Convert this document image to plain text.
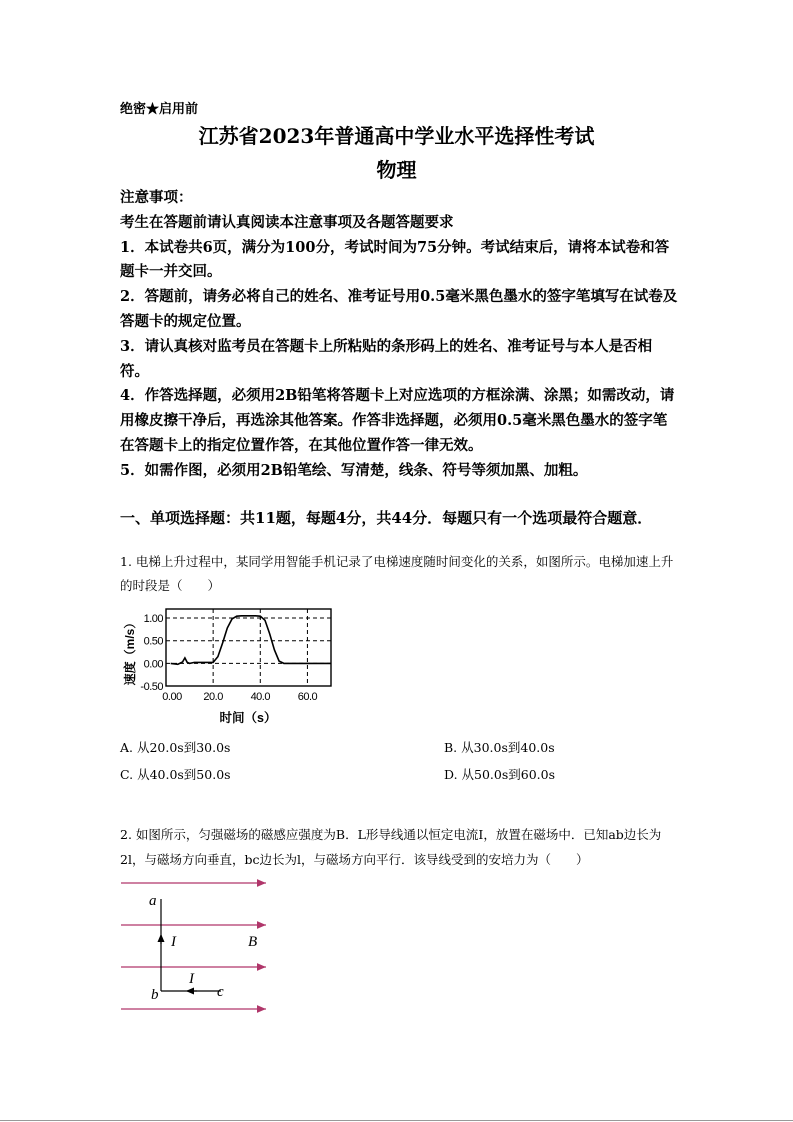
绝密★启用前
江苏省2023年普通高中学业水平选择性考试
物理

注意事项：

考生在答题前请认真阅读本注意事项及各题答题要求

1．本试卷共6页，满分为100分，考试时间为75分钟。考试结束后，请将本试卷和答题卡一并交回。

2．答题前，请务必将自己的姓名、准考证号用0.5毫米黑色墨水的签字笔填写在试卷及答题卡的规定位置。

3．请认真核对监考员在答题卡上所粘贴的条形码上的姓名、准考证号与本人是否相符。

4．作答选择题，必须用2B铅笔将答题卡上对应选项的方框涂满、涂黑；如需改动，请用橡皮擦干净后，再选涂其他答案。作答非选择题，必须用0.5毫米黑色墨水的签字笔在答题卡上的指定位置作答，在其他位置作答一律无效。

5．如需作图，必须用2B铅笔绘、写清楚，线条、符号等须加黑、加粗。

一、单项选择题：共11题，每题4分，共44分．每题只有一个选项最符合题意．
1. 电梯上升过程中，某同学用智能手机记录了电梯速度随时间变化的关系，如图所示。电梯加速上升的时段是（　　）
1.00
0.50
0.00
-0.50
0.00 20.0	40.0	60.0
速度（m/s）
时间（s）
A. 从20.0s到30.0s	B. 从30.0s到40.0s
C. 从40.0s到50.0s	D. 从50.0s到60.0s
2. 如图所示，匀强磁场的磁感应强度为B．L形导线通以恒定电流I，放置在磁场中．已知ab边长为2l，与磁场方向垂直，bc边长为l，与磁场方向平行．该导线受到的安培力为（　　）
a
b	c
I
I
B
